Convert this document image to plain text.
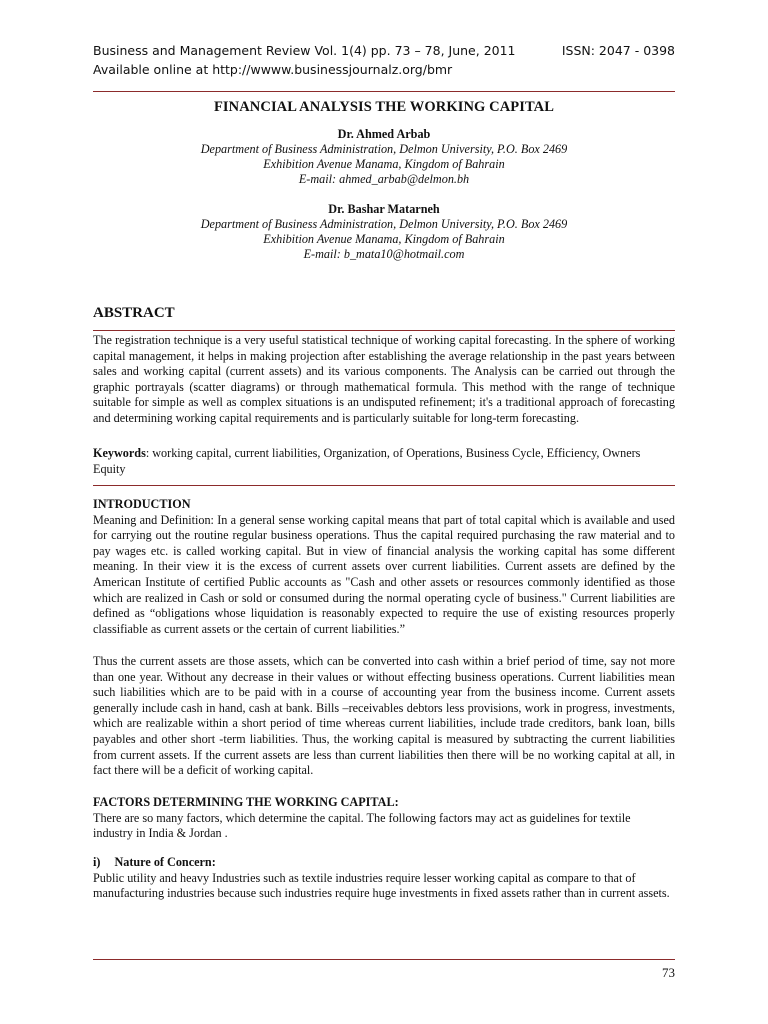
Business and Management Review Vol. 1(4) pp. 73 – 78, June, 2011	ISSN: 2047 - 0398
Available online at http://wwww.businessjournalz.org/bmr
FINANCIAL ANALYSIS THE WORKING CAPITAL
Dr. Ahmed Arbab
Department of Business Administration, Delmon University, P.O. Box 2469
Exhibition Avenue Manama, Kingdom of Bahrain
E-mail: ahmed_arbab@delmon.bh
Dr. Bashar Matarneh
Department of Business Administration, Delmon University, P.O. Box 2469
Exhibition Avenue Manama, Kingdom of Bahrain
E-mail: b_mata10@hotmail.com
ABSTRACT

The registration technique is a very useful statistical technique of working capital forecasting. In the sphere of working capital management, it helps in making projection after establishing the average relationship in the past years between sales and working capital (current assets) and its various components. The Analysis can be carried out through the graphic portrayals (scatter diagrams) or through mathematical formula. This method with the range of technique suitable for simple as well as complex situations is an undisputed refinement; it's a traditional approach of forecasting and determining working capital requirements and is particularly suitable for long-term forecasting.

Keywords: working capital, current liabilities, Organization, of Operations, Business Cycle, Efficiency, Owners Equity
INTRODUCTION

Meaning and Definition: In a general sense working capital means that part of total capital which is available and used for carrying out the routine regular business operations. Thus the capital required purchasing the raw material and to pay wages etc. is called working capital. But in view of financial analysis the working capital has some different meaning. In their view it is the excess of current assets over current liabilities. Current assets are defined by the American Institute of certified Public accounts as "Cash and other assets or resources commonly identified as those which are realized in Cash or sold or consumed during the normal operating cycle of business." Current liabilities are defined as “obligations whose liquidation is reasonably expected to require the use of existing resources properly classifiable as current assets or the certain of current liabilities.”

Thus the current assets are those assets, which can be converted into cash within a brief period of time, say not more than one year. Without any decrease in their values or without effecting business operations. Current liabilities mean such liabilities which are to be paid with in a course of accounting year from the business income. Current assets generally include cash in hand, cash at bank. Bills –receivables debtors less provisions, work in progress, investments, which are realizable within a short period of time whereas current liabilities, include trade creditors, bank loan, bills payables and other short -term liabilities. Thus, the working capital is measured by subtracting the current liabilities from current assets. If the current assets are less than current liabilities then there will be no working capital at all, in fact there will be a deficit of working capital.

FACTORS DETERMINING THE WORKING CAPITAL:

There are so many factors, which determine the capital. The following factors may act as guidelines for textile industry in India & Jordan .

i) Nature of Concern:

Public utility and heavy Industries such as textile industries require lesser working capital as compare to that of manufacturing industries because such industries require huge investments in fixed assets rather than in current assets.

73
